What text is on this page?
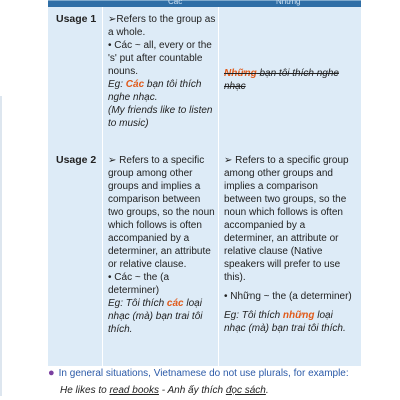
Các	Những
Usage 1 ➢Refers to the group as a whole.

• Các ~ all, every or the 's' put after countable nouns.

Eg: Các bạn tôi thích nghe nhạc.

(My friends like to listen to music)

Những bạn tôi thích nghe nhạc

Usage 2 ➢ Refers to a specific group among other groups and implies a comparison between two groups, so the noun which follows is often accompanied by a determiner, an attribute or relative clause.

• Các ~ the (a determiner)

Eg: Tôi thích các loại nhạc (mà) bạn trai tôi thích.

➢ Refers to a specific group among other groups and implies a comparison between two groups, so the noun which follows is often accompanied by a determiner, an attribute or relative clause (Native speakers will prefer to use this).

• Những ~ the (a determiner)

Eg: Tôi thích những loại nhạc (mà) bạn trai tôi thích.

● In general situations, Vietnamese do not use plurals, for example:
He likes to read books - Anh ấy thích đọc sách.
